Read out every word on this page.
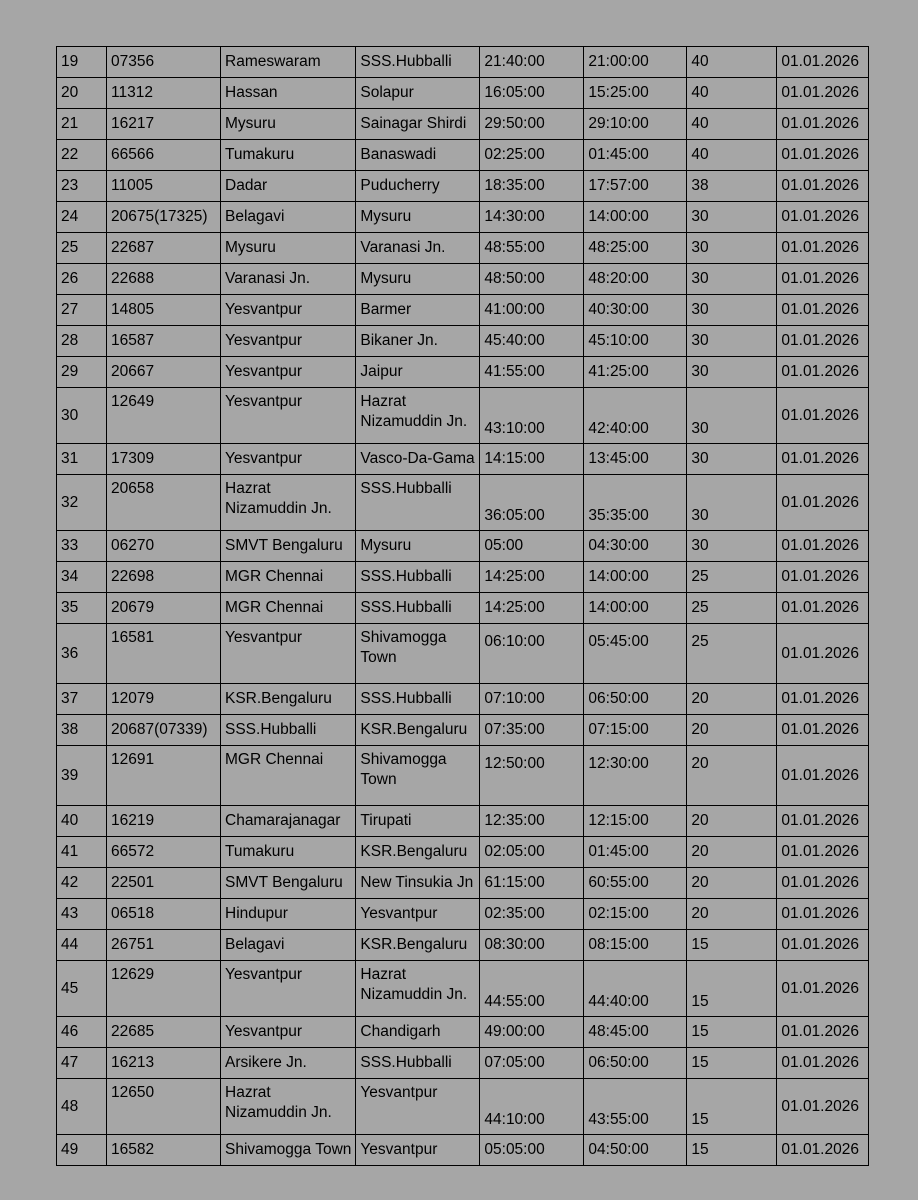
19	07356	Rameswaram	SSS.Hubballi	21:40:00	21:00:00	40	01.01.2026
20	11312	Hassan	Solapur	16:05:00	15:25:00	40	01.01.2026
21	16217	Mysuru	Sainagar Shirdi	29:50:00	29:10:00	40	01.01.2026
22	66566	Tumakuru	Banaswadi	02:25:00	01:45:00	40	01.01.2026
23	11005	Dadar	Puducherry	18:35:00	17:57:00	38	01.01.2026
24	20675(17325)	Belagavi	Mysuru	14:30:00	14:00:00	30	01.01.2026
25	22687	Mysuru	Varanasi Jn.	48:55:00	48:25:00	30	01.01.2026
26	22688	Varanasi Jn.	Mysuru	48:50:00	48:20:00	30	01.01.2026
27	14805	Yesvantpur	Barmer	41:00:00	40:30:00	30	01.01.2026
28	16587	Yesvantpur	Bikaner Jn.	45:40:00	45:10:00	30	01.01.2026
29	20667	Yesvantpur	Jaipur	41:55:00	41:25:00	30	01.01.2026
30	12649	Yesvantpur	Hazrat Nizamuddin Jn.	43:10:00	42:40:00	30	01.01.2026
31	17309	Yesvantpur	Vasco-Da-Gama	14:15:00	13:45:00	30	01.01.2026
32	20658	Hazrat Nizamuddin Jn.	SSS.Hubballi	36:05:00	35:35:00	30	01.01.2026
33	06270	SMVT Bengaluru	Mysuru	05:00	04:30:00	30	01.01.2026
34	22698	MGR Chennai	SSS.Hubballi	14:25:00	14:00:00	25	01.01.2026
35	20679	MGR Chennai	SSS.Hubballi	14:25:00	14:00:00	25	01.01.2026
36	16581	Yesvantpur	Shivamogga Town	06:10:00	05:45:00	25	01.01.2026
37	12079	KSR.Bengaluru	SSS.Hubballi	07:10:00	06:50:00	20	01.01.2026
38	20687(07339)	SSS.Hubballi	KSR.Bengaluru	07:35:00	07:15:00	20	01.01.2026
39	12691	MGR Chennai	Shivamogga Town	12:50:00	12:30:00	20	01.01.2026
40	16219	Chamarajanagar	Tirupati	12:35:00	12:15:00	20	01.01.2026
41	66572	Tumakuru	KSR.Bengaluru	02:05:00	01:45:00	20	01.01.2026
42	22501	SMVT Bengaluru	New Tinsukia Jn	61:15:00	60:55:00	20	01.01.2026
43	06518	Hindupur	Yesvantpur	02:35:00	02:15:00	20	01.01.2026
44	26751	Belagavi	KSR.Bengaluru	08:30:00	08:15:00	15	01.01.2026
45	12629	Yesvantpur	Hazrat Nizamuddin Jn.	44:55:00	44:40:00	15	01.01.2026
46	22685	Yesvantpur	Chandigarh	49:00:00	48:45:00	15	01.01.2026
47	16213	Arsikere Jn.	SSS.Hubballi	07:05:00	06:50:00	15	01.01.2026
48	12650	Hazrat Nizamuddin Jn.	Yesvantpur	44:10:00	43:55:00	15	01.01.2026
49	16582	Shivamogga Town	Yesvantpur	05:05:00	04:50:00	15	01.01.2026
